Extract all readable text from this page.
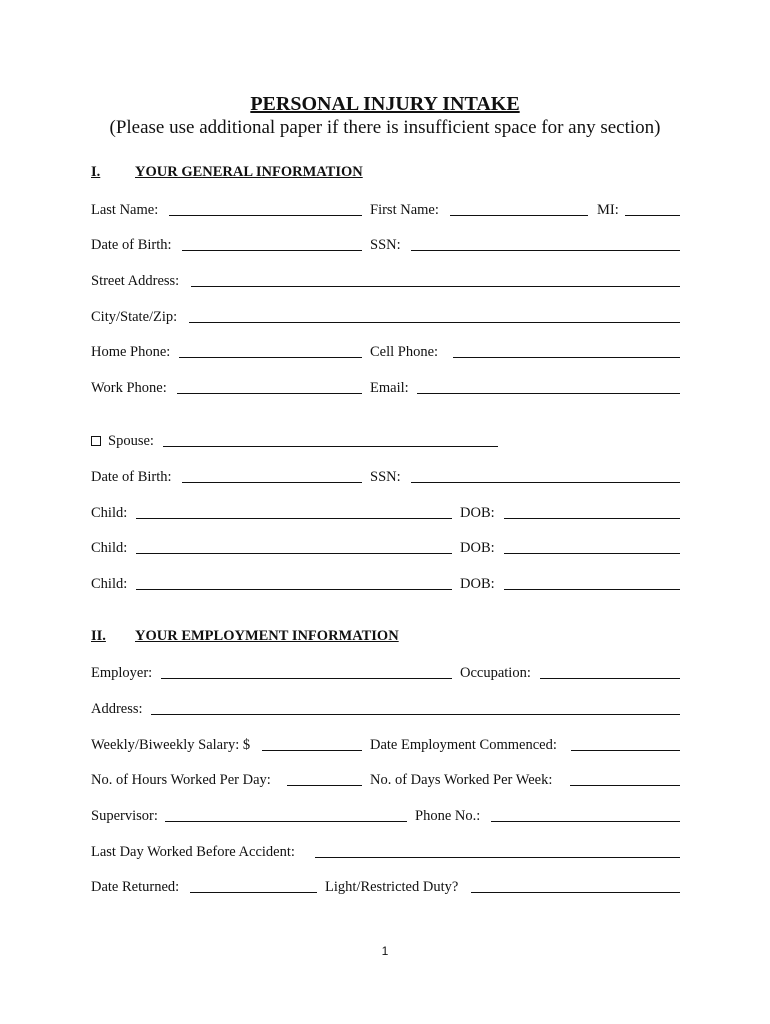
PERSONAL INJURY INTAKE
(Please use additional paper if there is insufficient space for any section)
I. YOUR GENERAL INFORMATION
Last Name:	First Name:	MI:
Date of Birth:	SSN:
Street Address:
City/State/Zip:
Home Phone:	Cell Phone:
Work Phone:	Email:
Spouse:
Date of Birth:	SSN:
Child:	DOB:
Child:	DOB:
Child:	DOB:
II. YOUR EMPLOYMENT INFORMATION
Employer:	Occupation:
Address:
Weekly/Biweekly Salary: $	Date Employment Commenced:
No. of Hours Worked Per Day:	No. of Days Worked Per Week:
Supervisor:	Phone No.:
Last Day Worked Before Accident:
Date Returned:	Light/Restricted Duty?
1
